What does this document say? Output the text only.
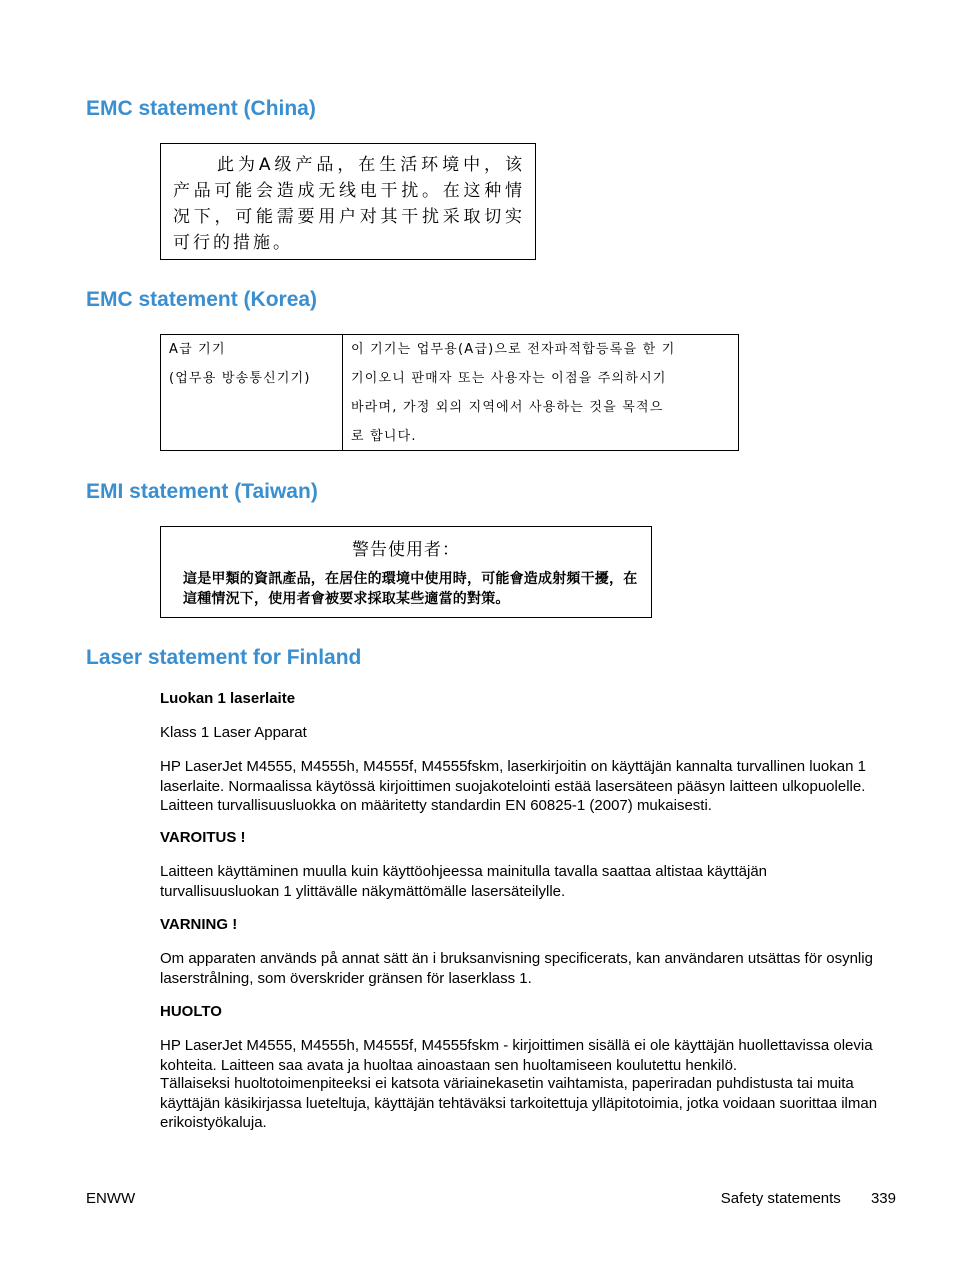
EMC statement (China)
此为A级产品，在生活环境中，该产品可能会造成无线电干扰。在这种情况下，可能需要用户对其干扰采取切实可行的措施。
EMC statement (Korea)
A급 기기
(업무용 방송통신기기)
이 기기는 업무용(A급)으로 전자파적합등록을 한 기
기이오니 판매자 또는 사용자는 이점을 주의하시기
바라며, 가정 외의 지역에서 사용하는 것을 목적으
로 합니다.
EMI statement (Taiwan)
警告使用者：
這是甲類的資訊產品，在居住的環境中使用時，可能會造成射頻干擾，在這種情況下，使用者會被要求採取某些適當的對策。
Laser statement for Finland
Luokan 1 laserlaite
Klass 1 Laser Apparat
HP LaserJet M4555, M4555h, M4555f, M4555fskm, laserkirjoitin on käyttäjän kannalta turvallinen luokan 1 laserlaite. Normaalissa käytössä kirjoittimen suojakotelointi estää lasersäteen pääsyn laitteen ulkopuolelle. Laitteen turvallisuusluokka on määritetty standardin EN 60825-1 (2007) mukaisesti.
VAROITUS !
Laitteen käyttäminen muulla kuin käyttöohjeessa mainitulla tavalla saattaa altistaa käyttäjän turvallisuusluokan 1 ylittävälle näkymättömälle lasersäteilylle.
VARNING !
Om apparaten används på annat sätt än i bruksanvisning specificerats, kan användaren utsättas för osynlig laserstrålning, som överskrider gränsen för laserklass 1.
HUOLTO
HP LaserJet M4555, M4555h, M4555f, M4555fskm - kirjoittimen sisällä ei ole käyttäjän huollettavissa olevia kohteita. Laitteen saa avata ja huoltaa ainoastaan sen huoltamiseen koulutettu henkilö.
Tällaiseksi huoltotoimenpiteeksi ei katsota väriainekasetin vaihtamista, paperiradan puhdistusta tai muita käyttäjän käsikirjassa lueteltuja, käyttäjän tehtäväksi tarkoitettuja ylläpitotoimia, jotka voidaan suorittaa ilman erikoistyökaluja.
ENWW	Safety statements 339
